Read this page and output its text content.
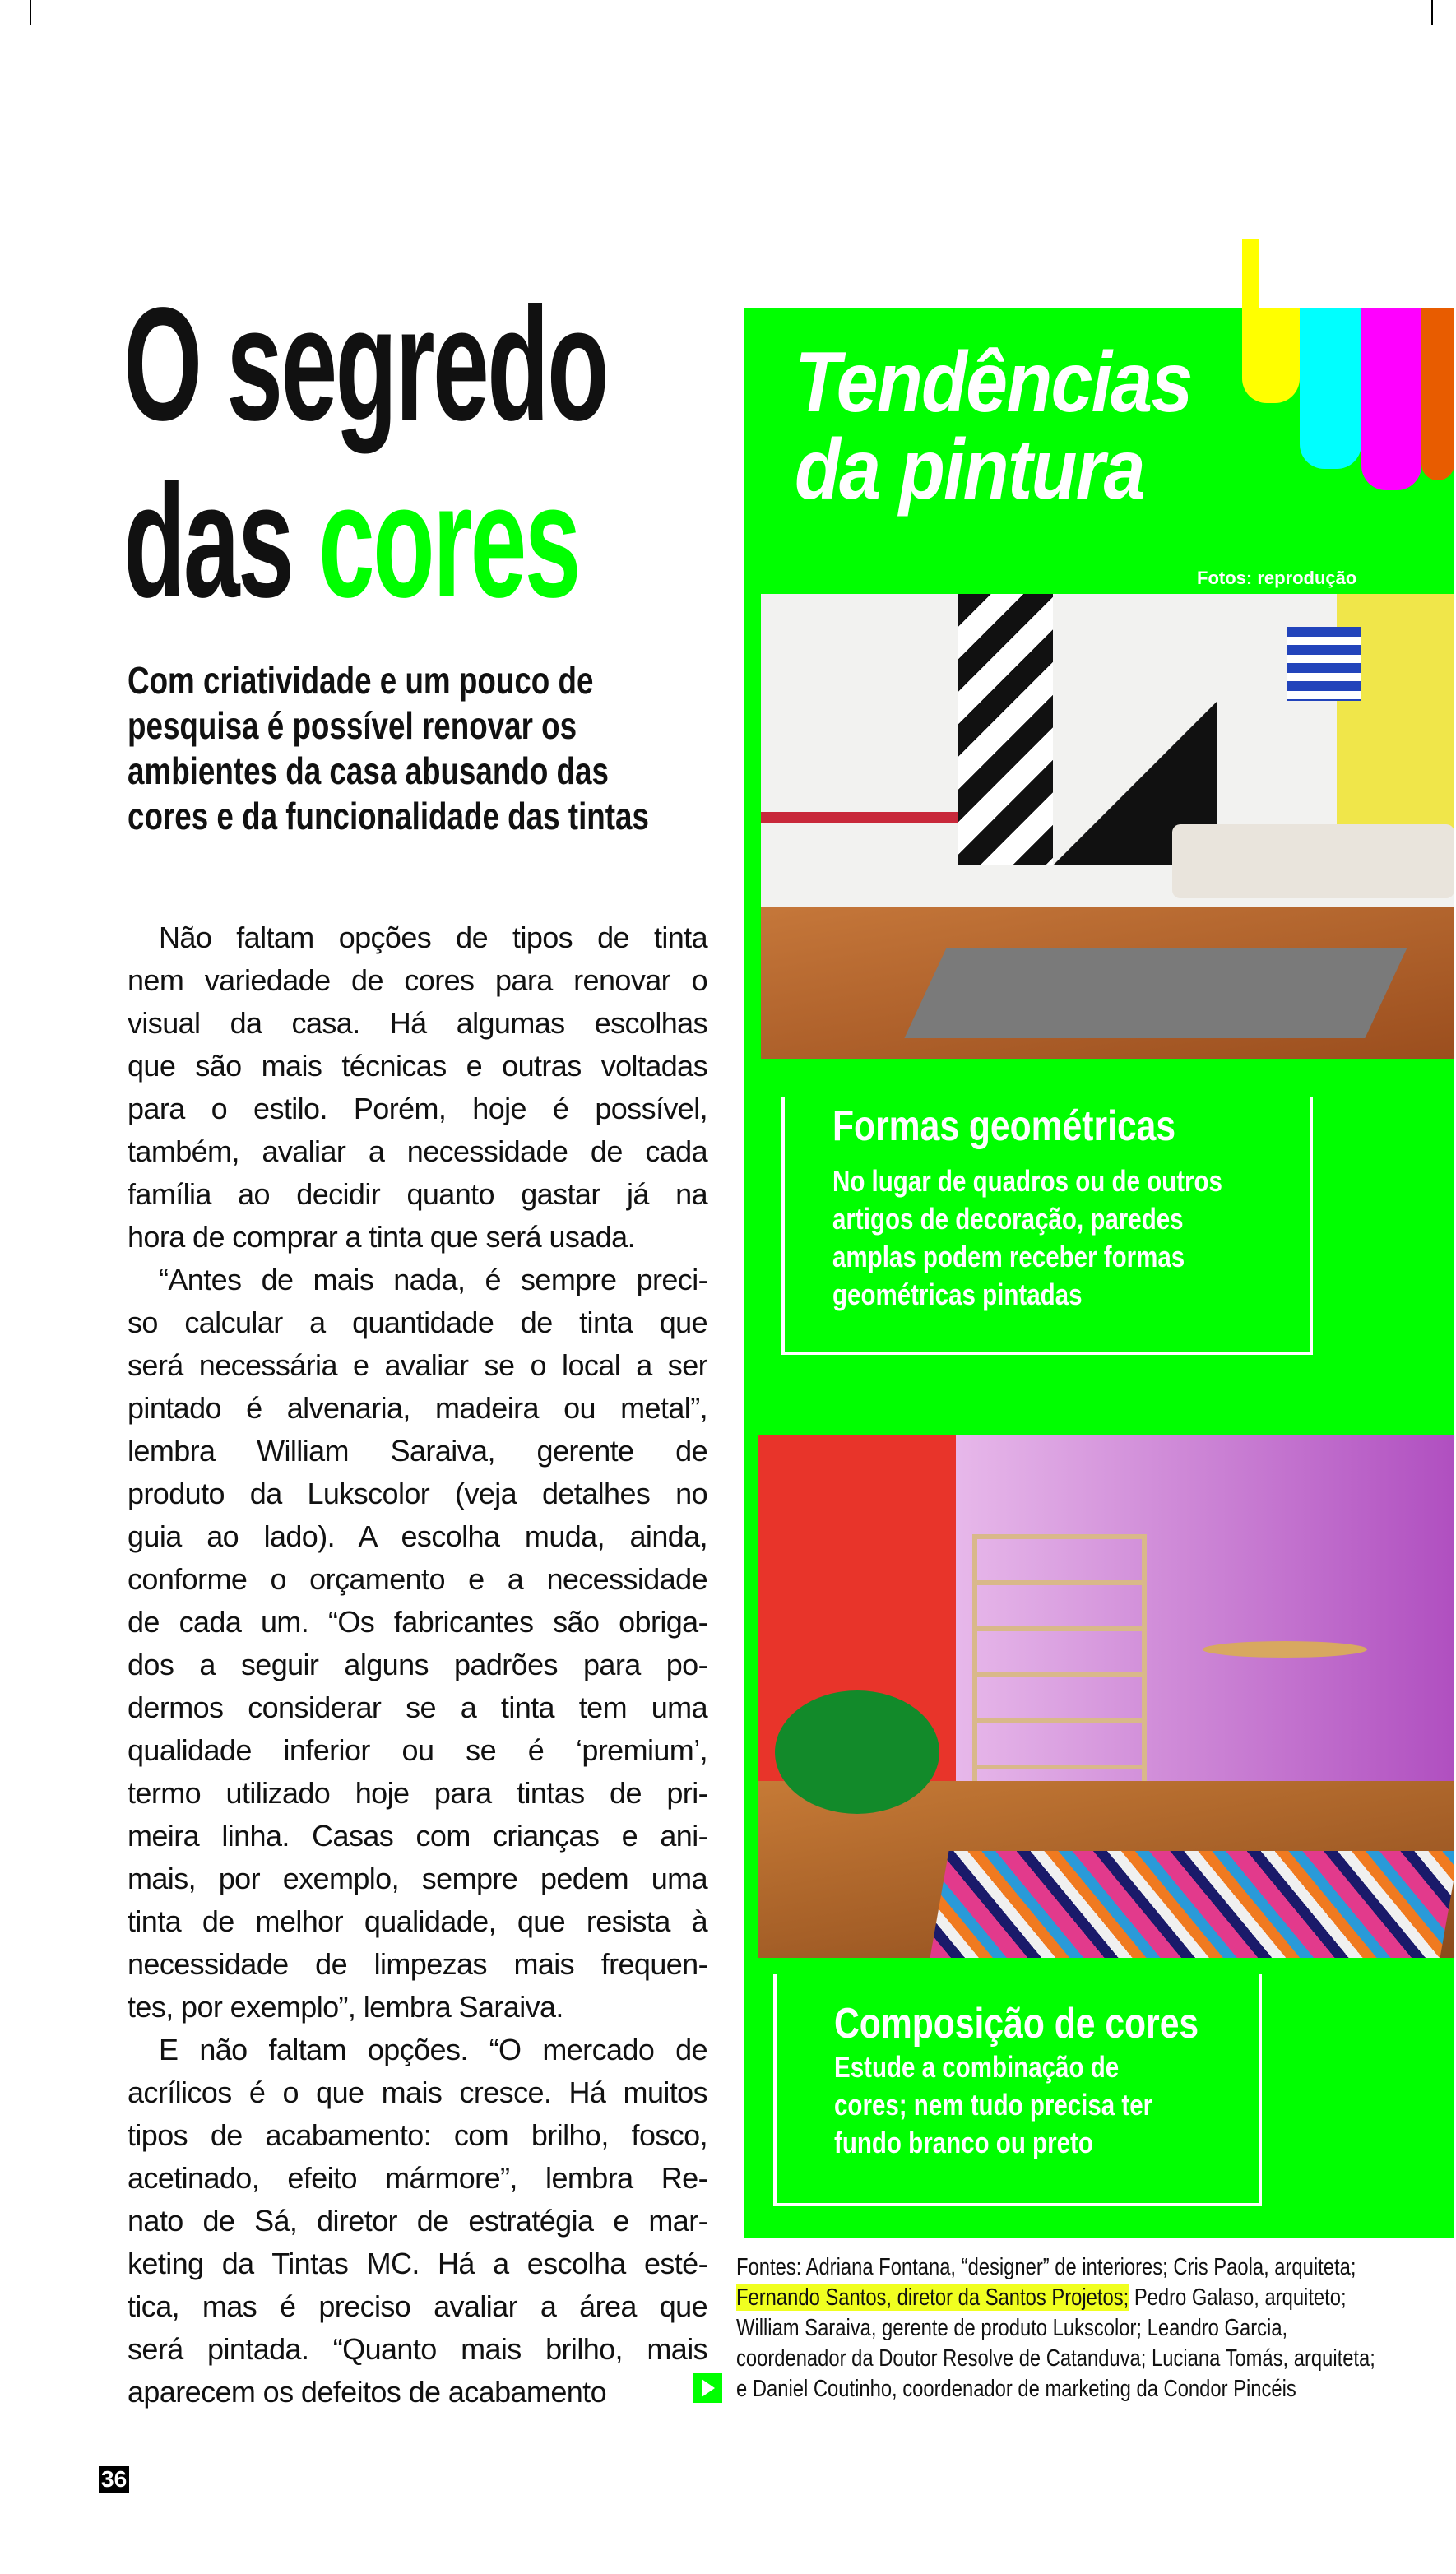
O segredo
das cores
Com criatividade e um pouco de
pesquisa é possível renovar os
ambientes da casa abusando das
cores e da funcionalidade das tintas
Não faltam opções de tipos de tinta
nem variedade de cores para renovar o
visual da casa. Há algumas escolhas
que são mais técnicas e outras voltadas
para o estilo. Porém, hoje é possível,
também, avaliar a necessidade de cada
família ao decidir quanto gastar já na
hora de comprar a tinta que será usada.
“Antes de mais nada, é sempre preci-
so calcular a quantidade de tinta que
será necessária e avaliar se o local a ser
pintado é alvenaria, madeira ou metal”,
lembra William Saraiva, gerente de
produto da Lukscolor (veja detalhes no
guia ao lado). A escolha muda, ainda,
conforme o orçamento e a necessidade
de cada um. “Os fabricantes são obriga-
dos a seguir alguns padrões para po-
dermos considerar se a tinta tem uma
qualidade inferior ou se é ‘premium’,
termo utilizado hoje para tintas de pri-
meira linha. Casas com crianças e ani-
mais, por exemplo, sempre pedem uma
tinta de melhor qualidade, que resista à
necessidade de limpezas mais frequen-
tes, por exemplo”, lembra Saraiva.
E não faltam opções. “O mercado de
acrílicos é o que mais cresce. Há muitos
tipos de acabamento: com brilho, fosco,
acetinado, efeito mármore”, lembra Re-
nato de Sá, diretor de estratégia e mar-
keting da Tintas MC. Há a escolha esté-
tica, mas é preciso avaliar a área que
será pintada. “Quanto mais brilho, mais
aparecem os defeitos de acabamento
36
Tendências
da pintura
Fotos: reprodução
Formas geométricas
No lugar de quadros ou de outros
artigos de decoração, paredes
amplas podem receber formas
geométricas pintadas
Composição de cores
Estude a combinação de
cores; nem tudo precisa ter
fundo branco ou preto
Fontes: Adriana Fontana, “designer” de interiores; Cris Paola, arquiteta;
Fernando Santos, diretor da Santos Projetos; Pedro Galaso, arquiteto;
William Saraiva, gerente de produto Lukscolor; Leandro Garcia,
coordenador da Doutor Resolve de Catanduva; Luciana Tomás, arquiteta;
e Daniel Coutinho, coordenador de marketing da Condor Pincéis
